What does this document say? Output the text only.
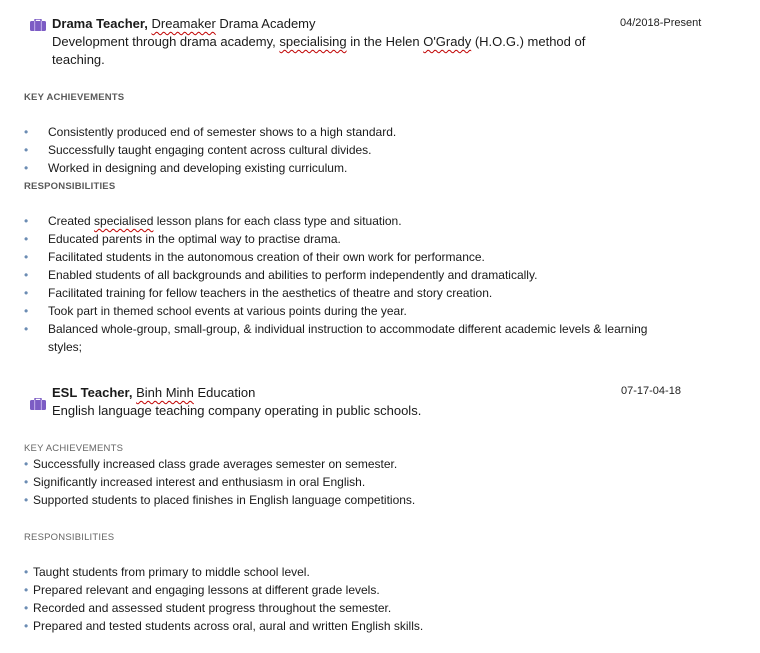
Drama Teacher, Dreamaker Drama Academy	04/2018-Present
Development through drama academy, specialising in the Helen O'Grady (H.O.G.) method of
teaching.
KEY ACHIEVEMENTS
• Consistently produced end of semester shows to a high standard.
• Successfully taught engaging content across cultural divides.
• Worked in designing and developing existing curriculum.
RESPONSIBILITIES
• Created specialised lesson plans for each class type and situation.
• Educated parents in the optimal way to practise drama.
• Facilitated students in the autonomous creation of their own work for performance.
• Enabled students of all backgrounds and abilities to perform independently and dramatically.
• Facilitated training for fellow teachers in the aesthetics of theatre and story creation.
• Took part in themed school events at various points during the year.
• Balanced whole-group, small-group, & individual instruction to accommodate different academic levels & learning
styles;
ESL Teacher, Binh Minh Education	07-17-04-18
English language teaching company operating in public schools.
KEY ACHIEVEMENTS
• Successfully increased class grade averages semester on semester.
• Significantly increased interest and enthusiasm in oral English.
• Supported students to placed finishes in English language competitions.
RESPONSIBILITIES
• Taught students from primary to middle school level.
• Prepared relevant and engaging lessons at different grade levels.
• Recorded and assessed student progress throughout the semester.
• Prepared and tested students across oral, aural and written English skills.
